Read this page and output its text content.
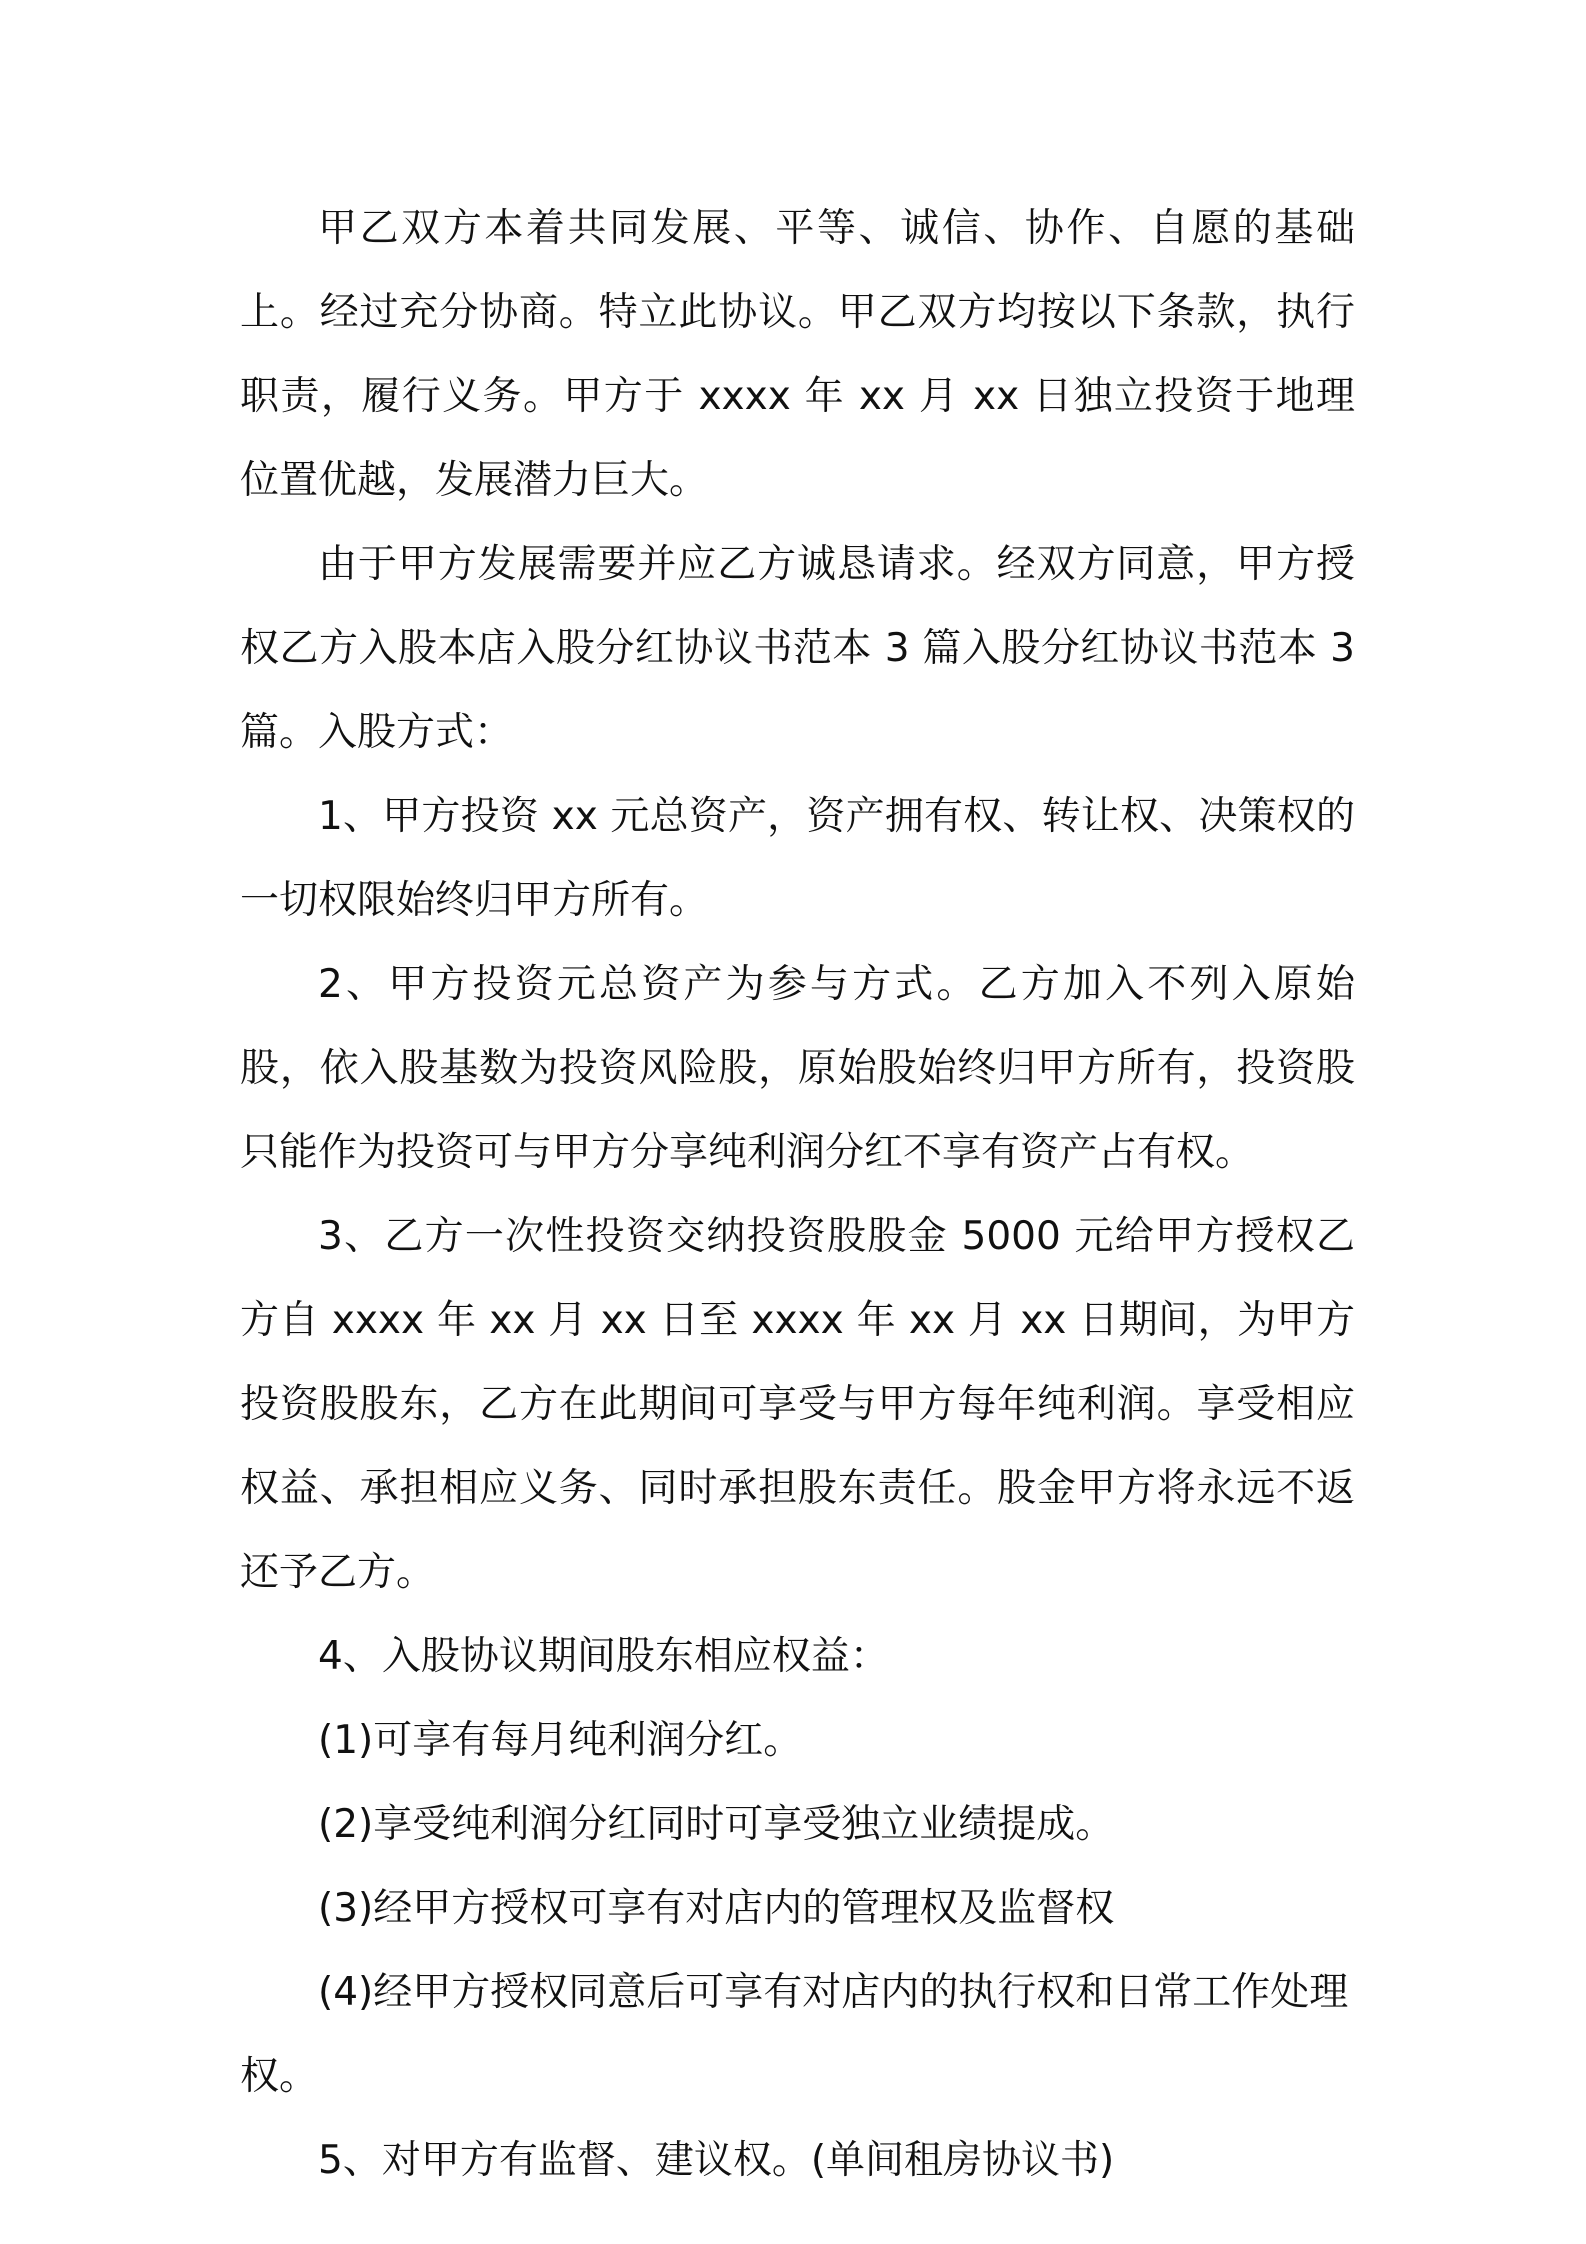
甲乙双方本着共同发展、平等、诚信、协作、自愿的基础上。经过充分协商。特立此协议。甲乙双方均按以下条款，执行职责，履行义务。甲方于 xxxx 年 xx 月 xx 日独立投资于地理位置优越，发展潜力巨大。

由于甲方发展需要并应乙方诚恳请求。经双方同意，甲方授权乙方入股本店入股分红协议书范本 3 篇入股分红协议书范本 3 篇。入股方式：

1、甲方投资 xx 元总资产，资产拥有权、转让权、决策权的一切权限始终归甲方所有。

2、甲方投资元总资产为参与方式。乙方加入不列入原始股，依入股基数为投资风险股，原始股始终归甲方所有，投资股只能作为投资可与甲方分享纯利润分红不享有资产占有权。

3、乙方一次性投资交纳投资股股金 5000 元给甲方授权乙方自 xxxx 年 xx 月 xx 日至 xxxx 年 xx 月 xx 日期间，为甲方投资股股东，乙方在此期间可享受与甲方每年纯利润。享受相应权益、承担相应义务、同时承担股东责任。股金甲方将永远不返还予乙方。

4、入股协议期间股东相应权益：

(1)可享有每月纯利润分红。

(2)享受纯利润分红同时可享受独立业绩提成。

(3)经甲方授权可享有对店内的管理权及监督权

(4)经甲方授权同意后可享有对店内的执行权和日常工作处理权。

5、对甲方有监督、建议权。(单间租房协议书)
